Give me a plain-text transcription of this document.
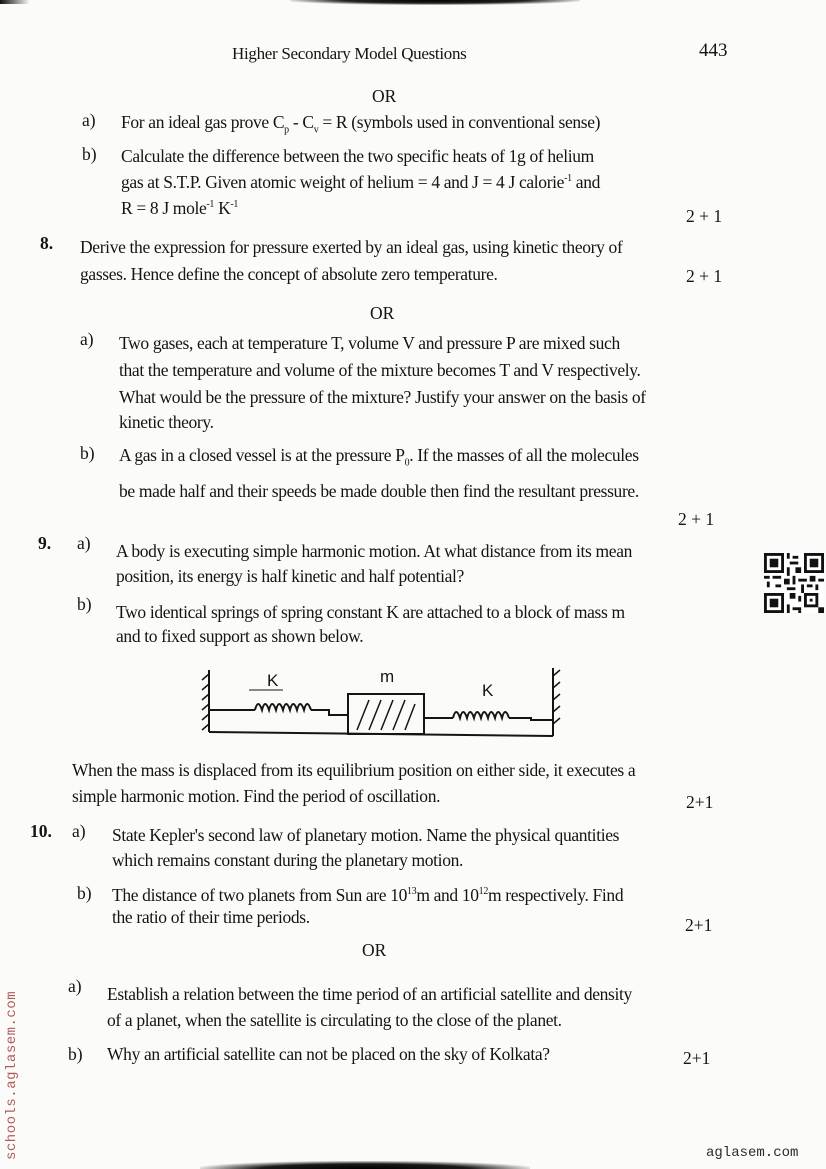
Higher Secondary Model Questions	443
OR
a) For an ideal gas prove $C_p - C_v = R$ (symbols used in conventional sense)
b) Calculate the difference between the two specific heats of 1g of helium
gas at S.T.P. Given atomic weight of helium = 4 and J = 4 J calorie$^{-1}$ and
R = 8 J mole$^{-1}$ $K^{-1}$
2 + 1
8. Derive the expression for pressure exerted by an ideal gas, using kinetic theory of
gasses. Hence define the concept of absolute zero temperature.	2 + 1
OR
a) Two gases, each at temperature T, volume V and pressure P are mixed such
that the temperature and volume of the mixture becomes T and V respectively.
What would be the pressure of the mixture? Justify your answer on the basis of
kinetic theory.
b) A gas in a closed vessel is at the pressure $P_0$. If the masses of all the molecules
be made half and their speeds be made double then find the resultant pressure.
2 + 1
9. a) A body is executing simple harmonic motion. At what distance from its mean
position, its energy is half kinetic and half potential?
b) Two identical springs of spring constant K are attached to a block of mass m
and to fixed support as shown below.
K	m
K
When the mass is displaced from its equilibrium position on either side, it executes a
simple harmonic motion. Find the period of oscillation.	2+1
10. a) State Kepler's second law of planetary motion. Name the physical quantities
which remains constant during the planetary motion.
b) The distance of two planets from Sun are $10^{13}m$ and $10^{12}m$ respectively. Find
the ratio of their time periods.	2+1
OR
a) Establish a relation between the time period of an artificial satellite and density
of a planet, when the satellite is circulating to the close of the planet.
b) Why an artificial satellite can not be placed on the sky of Kolkata?	2+1
schools.aglasem.com	aglasem.com
